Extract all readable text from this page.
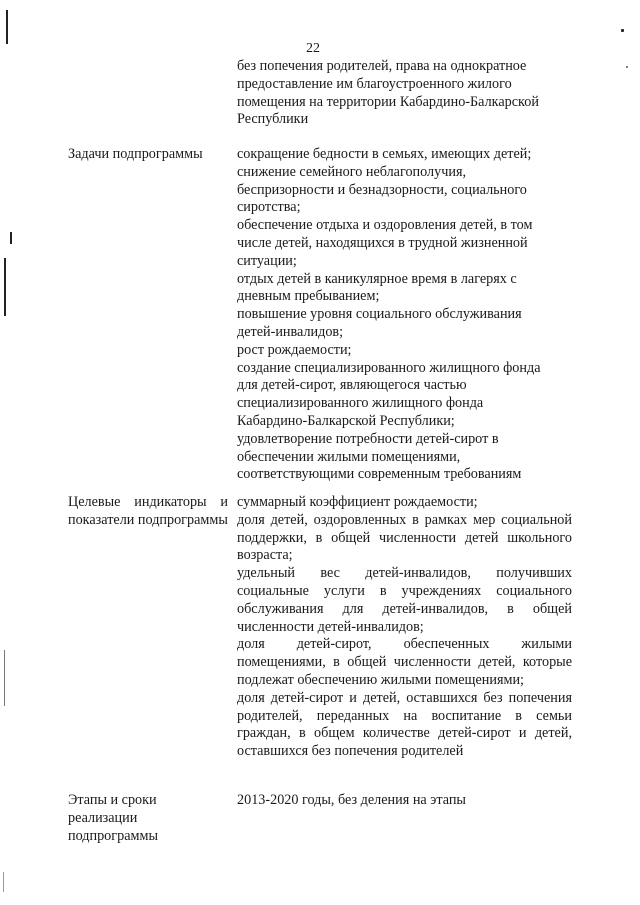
22

без попечения родителей, права на однократное
предоставление им благоустроенного жилого
помещения на территории Кабардино-Балкарской
Республики

Задачи подпрограммы сокращение бедности в семьях, имеющих детей;

снижение семейного неблагополучия,

беспризорности и безнадзорности, социального

сиротства;

обеспечение отдыха и оздоровления детей, в том

числе детей, находящихся в трудной жизненной

ситуации;

отдых детей в каникулярное время в лагерях с

дневным пребыванием;

повышение уровня социального обслуживания

детей-инвалидов;

рост рождаемости;

создание специализированного жилищного фонда

для детей-сирот, являющегося частью

специализированного жилищного фонда

Кабардино-Балкарской Республики;

удовлетворение потребности детей-сирот в

обеспечении жилыми помещениями,

соответствующими современным требованиям

Целевые индикаторы и показатели подпрограммы

суммарный коэффициент рождаемости;

доля детей, оздоровленных в рамках мер социальной поддержки, в общей численности детей школьного возраста;

удельный вес детей-инвалидов, получивших социальные услуги в учреждениях социального обслуживания для детей-инвалидов, в общей численности детей-инвалидов;

доля детей-сирот, обеспеченных жилыми помещениями, в общей численности детей, которые подлежат обеспечению жилыми помещениями;

доля детей-сирот и детей, оставшихся без попечения родителей, переданных на воспитание в семьи граждан, в общем количестве детей-сирот и детей, оставшихся без попечения родителей

Этапы и сроки
реализации
подпрограммы

2013-2020 годы, без деления на этапы
